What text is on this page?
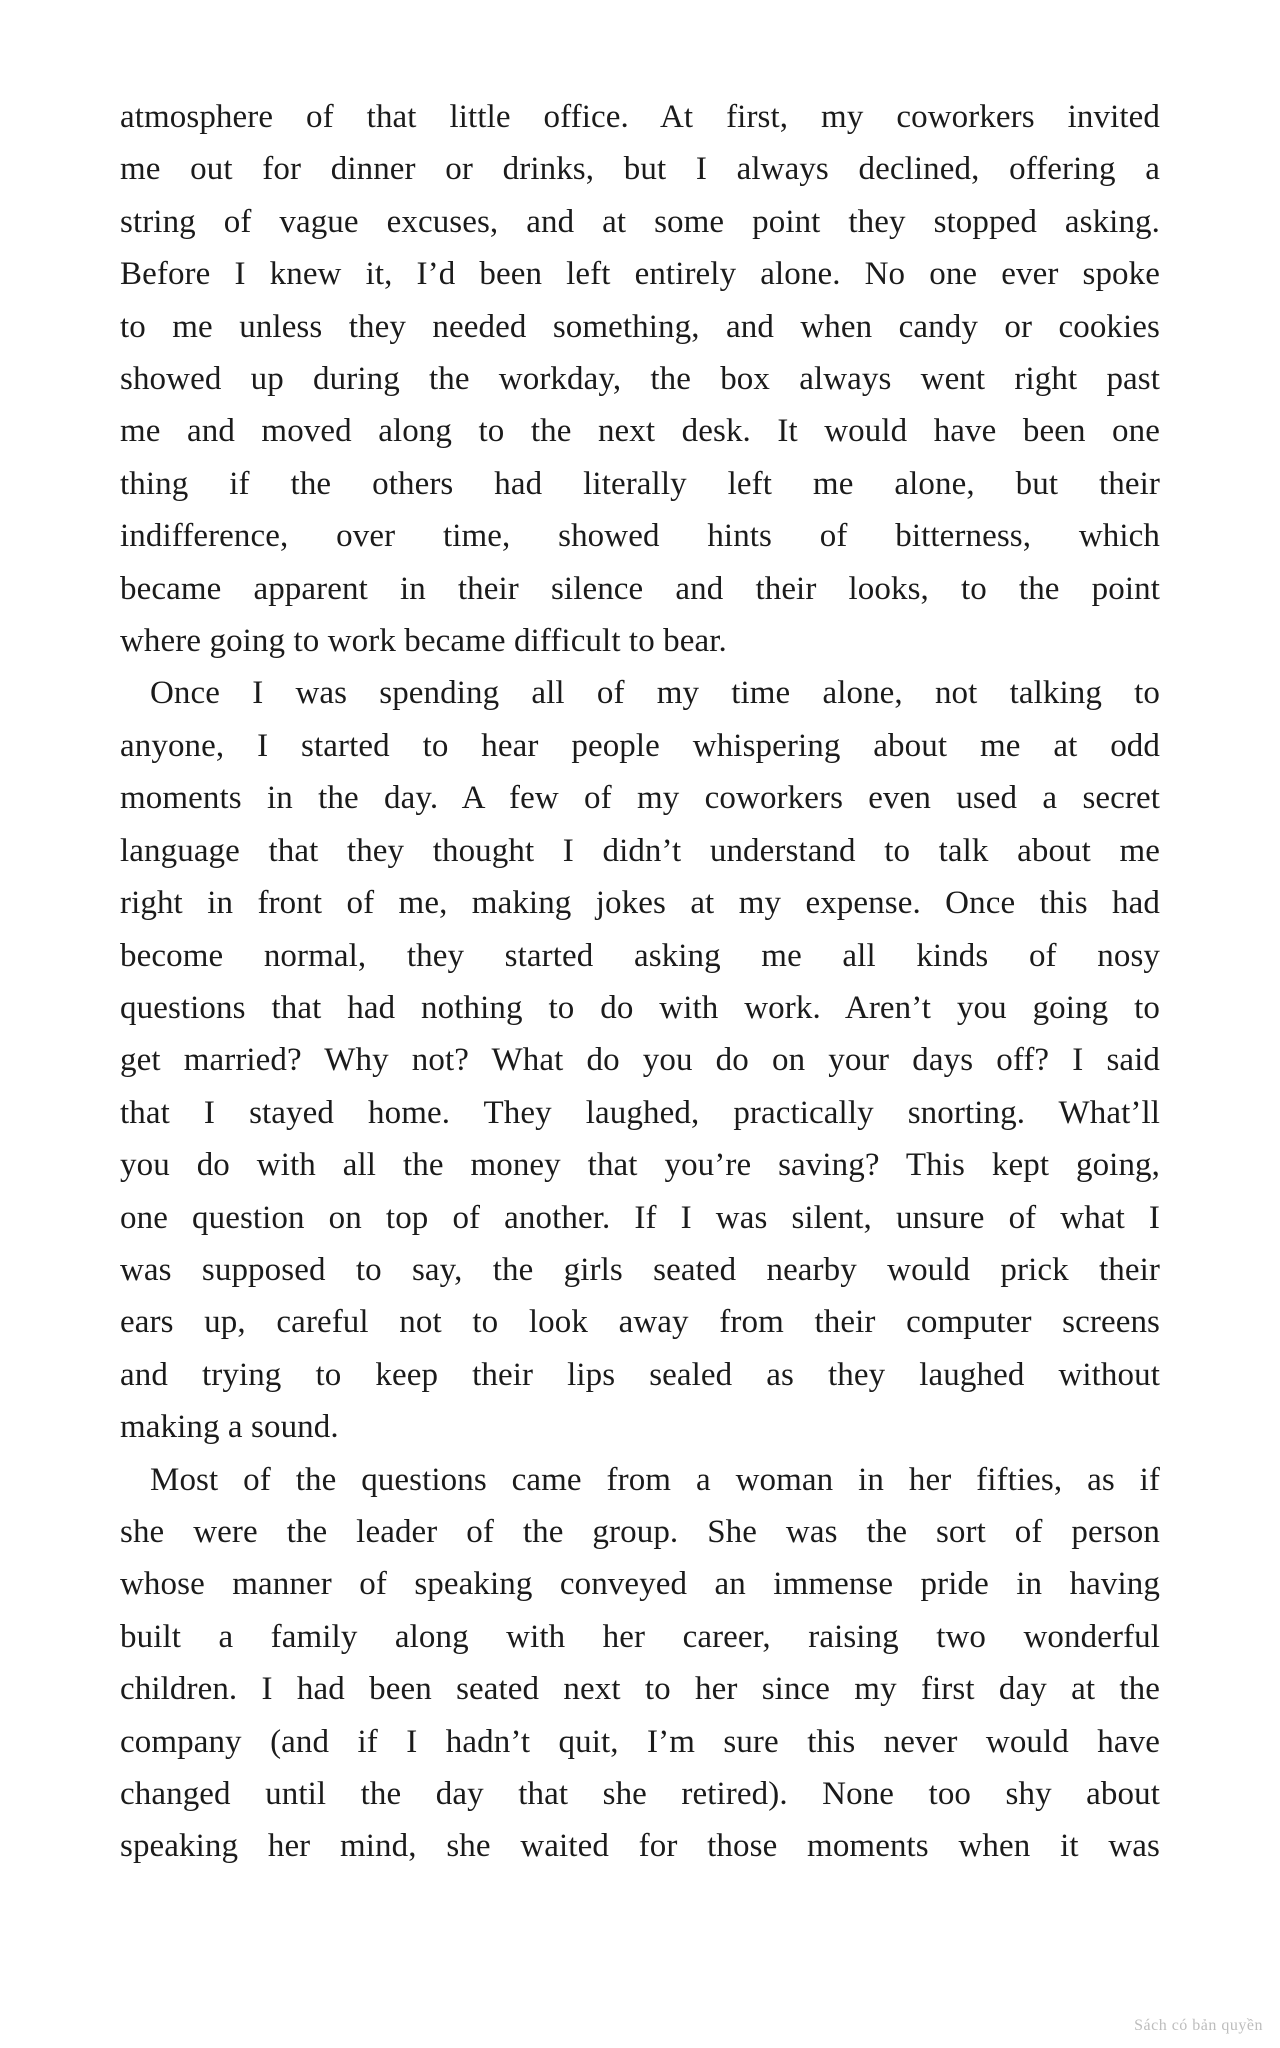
atmosphere of that little office. At first, my coworkers invited
me out for dinner or drinks, but I always declined, offering a
string of vague excuses, and at some point they stopped asking.
Before I knew it, I’d been left entirely alone. No one ever spoke
to me unless they needed something, and when candy or cookies
showed up during the workday, the box always went right past
me and moved along to the next desk. It would have been one
thing if the others had literally left me alone, but their
indifference, over time, showed hints of bitterness, which
became apparent in their silence and their looks, to the point
where going to work became difficult to bear.
Once I was spending all of my time alone, not talking to
anyone, I started to hear people whispering about me at odd
moments in the day. A few of my coworkers even used a secret
language that they thought I didn’t understand to talk about me
right in front of me, making jokes at my expense. Once this had
become normal, they started asking me all kinds of nosy
questions that had nothing to do with work. Aren’t you going to
get married? Why not? What do you do on your days off? I said
that I stayed home. They laughed, practically snorting. What’ll
you do with all the money that you’re saving? This kept going,
one question on top of another. If I was silent, unsure of what I
was supposed to say, the girls seated nearby would prick their
ears up, careful not to look away from their computer screens
and trying to keep their lips sealed as they laughed without
making a sound.
Most of the questions came from a woman in her fifties, as if
she were the leader of the group. She was the sort of person
whose manner of speaking conveyed an immense pride in having
built a family along with her career, raising two wonderful
children. I had been seated next to her since my first day at the
company (and if I hadn’t quit, I’m sure this never would have
changed until the day that she retired). None too shy about
speaking her mind, she waited for those moments when it was
Sách có bản quyền
